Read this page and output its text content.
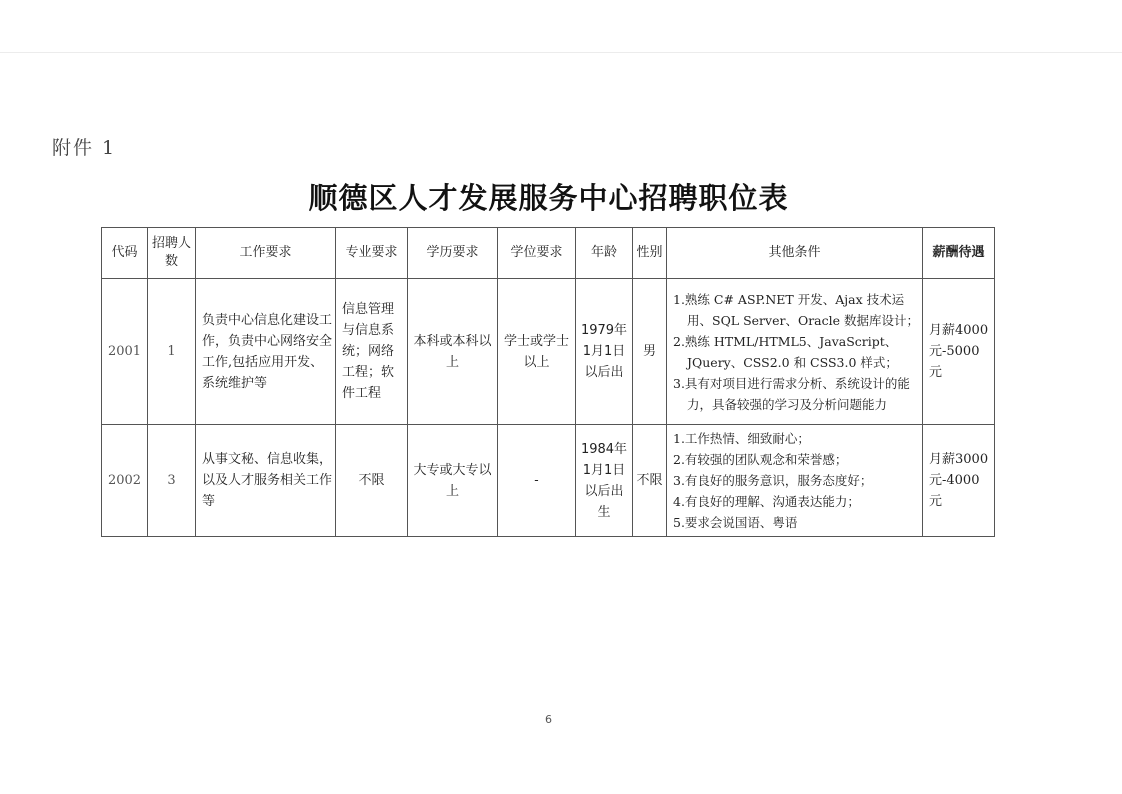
附件 1
顺德区人才发展服务中心招聘职位表
代码	招聘人数	工作要求	专业要求	学历要求	学位要求	年龄	性别	其他条件	薪酬待遇
2001	1	负责中心信息化建设工作，负责中心网络安全工作,包括应用开发、系统维护等	信息管理与信息系统；网络工程；软件工程	本科或本科以上	学士或学士以上	1979年1月1日以后出	男	1.熟练 C# ASP.NET 开发、Ajax 技术运用、SQL Server、Oracle 数据库设计；
2.熟练 HTML/HTML5、JavaScript、JQuery、CSS2.0 和 CSS3.0 样式；
3.具有对项目进行需求分析、系统设计的能力，具备较强的学习及分析问题能力	月薪4000元-5000元
2002	3	从事文秘、信息收集，以及人才服务相关工作等	不限	大专或大专以上	-	1984年1月1日以后出生	不限	1.工作热情、细致耐心；
2.有较强的团队观念和荣誉感；
3.有良好的服务意识，服务态度好；
4.有良好的理解、沟通表达能力；
5.要求会说国语、粤语	月薪3000元-4000元
6
